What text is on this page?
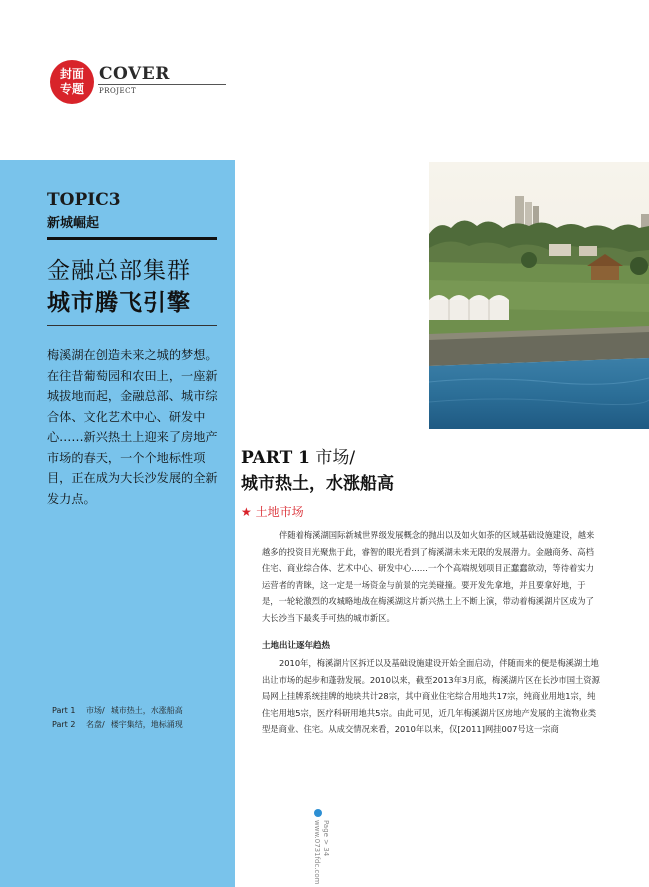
封面
专题
COVER
PROJECT
TOPIC3
新城崛起
金融总部集群
城市腾飞引擎
梅溪湖在创造未来之城的梦想。在往昔葡萄园和农田上，一座新城拔地而起，金融总部、城市综合体、文化艺术中心、研发中心……新兴热土上迎来了房地产市场的春天，一个个地标性项目，正在成为大长沙发展的全新发力点。
Part 1 市场/ 城市热土，水涨船高
Part 2 名盘/ 楼宇集结，地标涌现
PART 1 市场/
城市热土，水涨船高
★ 土地市场
伴随着梅溪湖国际新城世界级发展概念的抛出以及如火如荼的区域基础设施建设，越来越多的投资目光聚焦于此，睿智的眼光看到了梅溪湖未来无限的发展潜力。金融商务、高档住宅、商业综合体、艺术中心、研发中心……一个个高端规划项目正蠢蠢欲动，等待着实力运营者的青睐，这一定是一场资金与前景的完美碰撞。要开发先拿地，并且要拿好地，于是，一轮轮激烈的攻城略地战在梅溪湖这片新兴热土上不断上演，带动着梅溪湖片区成为了大长沙当下最炙手可热的城市新区。
土地出让逐年趋热
2010年，梅溪湖片区拆迁以及基础设施建设开始全面启动，伴随而来的便是梅溪湖土地出让市场的起步和蓬勃发展。2010以来，截至2013年3月底，梅溪湖片区在长沙市国土资源局网上挂牌系统挂牌的地块共计28宗，其中商业住宅综合用地共17宗，纯商业用地1宗，纯住宅用地5宗，医疗科研用地共5宗。由此可见，近几年梅溪湖片区房地产发展的主流物业类型是商业、住宅。从成交情况来看，2010年以来，仅[2011]网挂007号这一宗商
Page > 34 www.0731fdc.com
